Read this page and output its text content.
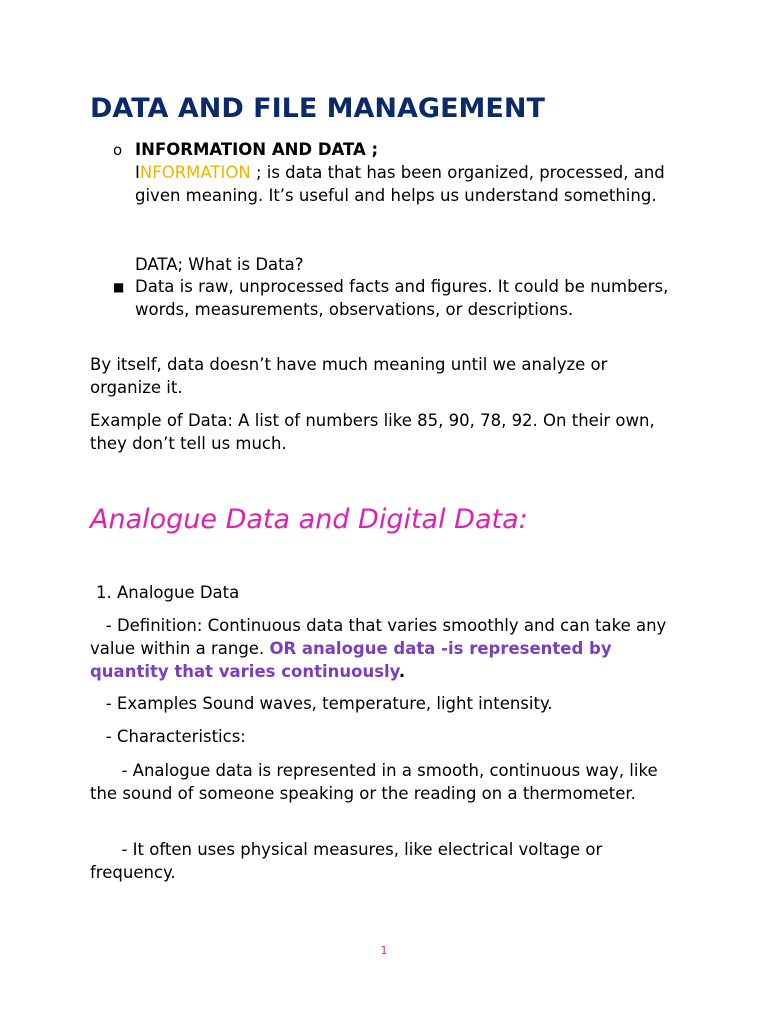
DATA AND FILE MANAGEMENT
o INFORMATION AND DATA ;

INFORMATION ; is data that has been organized, processed, and given meaning. It’s useful and helps us understand something.

DATA; What is Data?

■ Data is raw, unprocessed facts and figures. It could be numbers, words, measurements, observations, or descriptions.

By itself, data doesn’t have much meaning until we analyze or organize it.

Example of Data: A list of numbers like 85, 90, 78, 92. On their own, they don’t tell us much.

Analogue Data and Digital Data:

1. Analogue Data

- Definition: Continuous data that varies smoothly and can take any value within a range. OR analogue data -is represented by quantity that varies continuously.

- Examples Sound waves, temperature, light intensity.

- Characteristics:

- Analogue data is represented in a smooth, continuous way, like the sound of someone speaking or the reading on a thermometer.

- It often uses physical measures, like electrical voltage or frequency.

1
